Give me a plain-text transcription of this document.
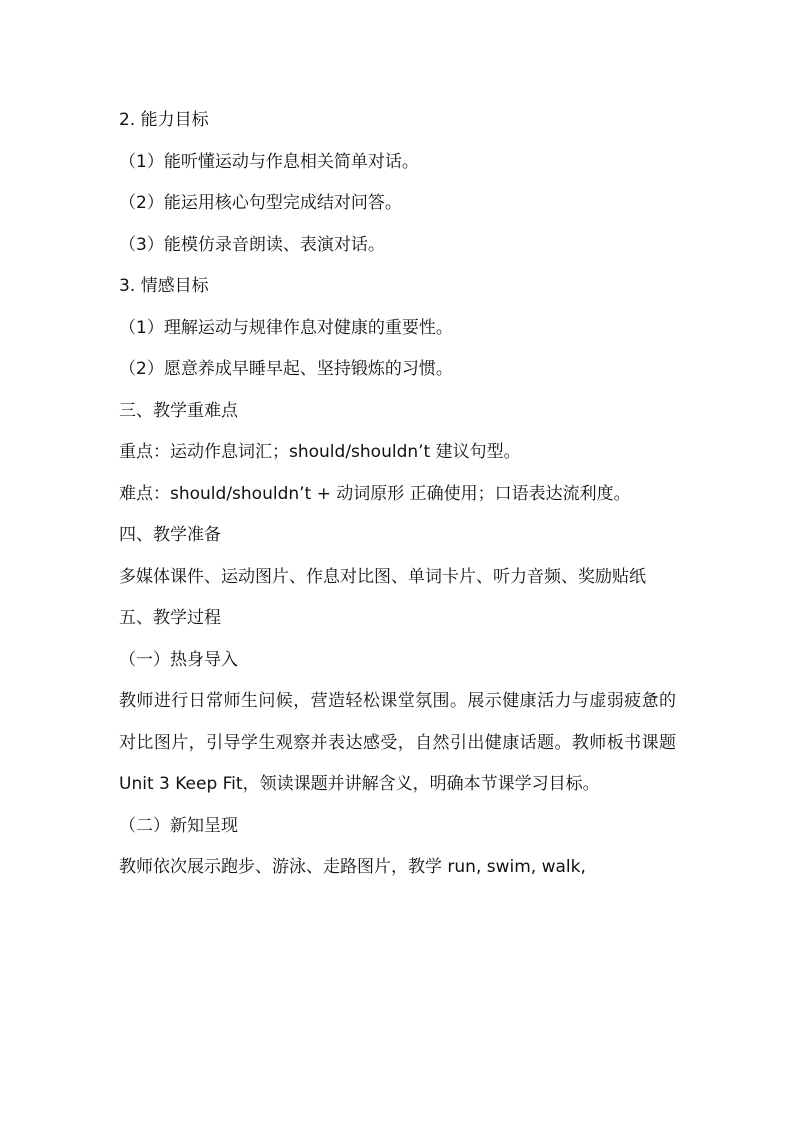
2. 能力目标
（1）能听懂运动与作息相关简单对话。
（2）能运用核心句型完成结对问答。
（3）能模仿录音朗读、表演对话。
3. 情感目标
（1）理解运动与规律作息对健康的重要性。
（2）愿意养成早睡早起、坚持锻炼的习惯。
三、教学重难点
重点：运动作息词汇；should/shouldn’t 建议句型。
难点：should/shouldn’t + 动词原形 正确使用；口语表达流利度。
四、教学准备
多媒体课件、运动图片、作息对比图、单词卡片、听力音频、奖励贴纸
五、教学过程
（一）热身导入
教师进行日常师生问候，营造轻松课堂氛围。展示健康活力与虚弱疲惫的对比图片，引导学生观察并表达感受，自然引出健康话题。教师板书课题 Unit 3 Keep Fit，领读课题并讲解含义，明确本节课学习目标。
（二）新知呈现
教师依次展示跑步、游泳、走路图片，教学 run, swim, walk,
